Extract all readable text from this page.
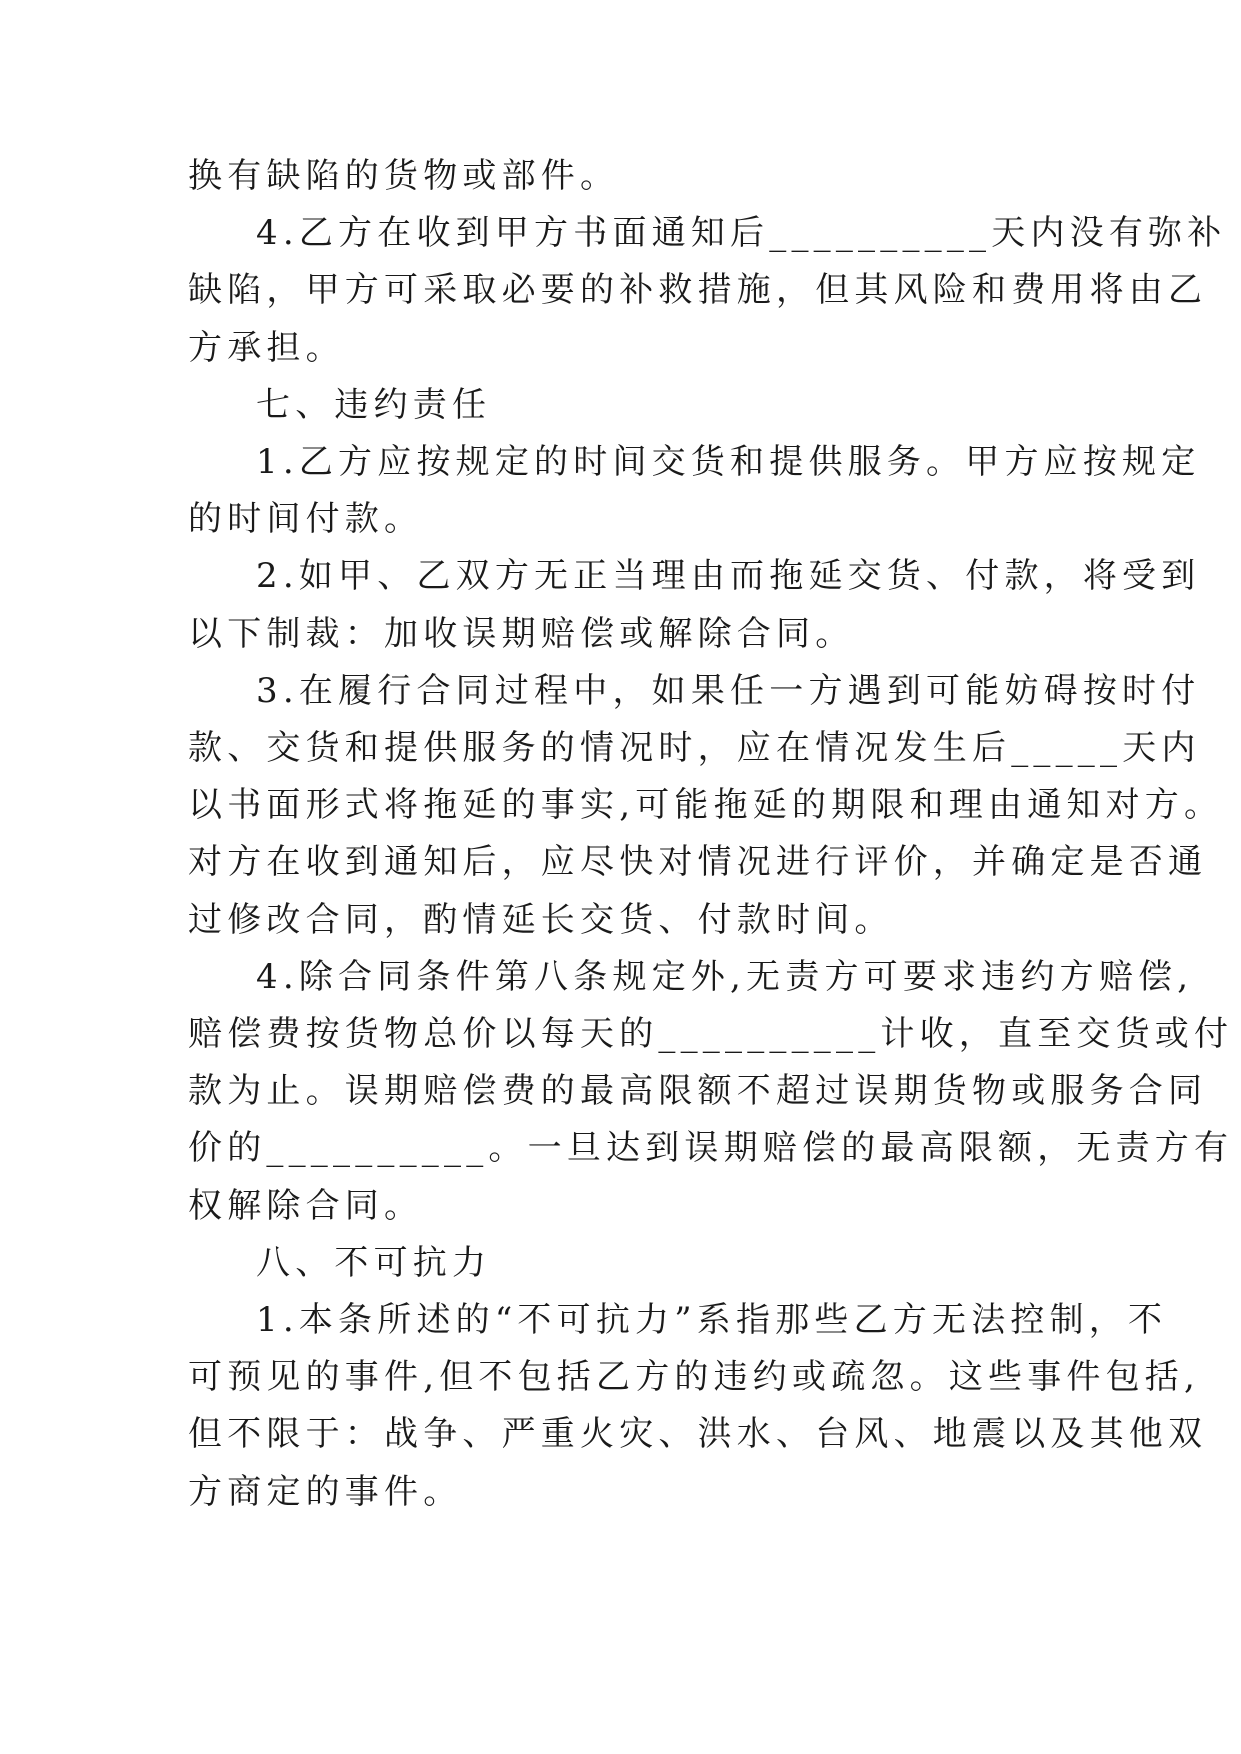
换有缺陷的货物或部件。
4.乙方在收到甲方书面通知后__________天内没有弥补
缺陷，甲方可采取必要的补救措施，但其风险和费用将由乙
方承担。
七、违约责任
1.乙方应按规定的时间交货和提供服务。甲方应按规定
的时间付款。
2.如甲、乙双方无正当理由而拖延交货、付款，将受到
以下制裁：加收误期赔偿或解除合同。
3.在履行合同过程中，如果任一方遇到可能妨碍按时付
款、交货和提供服务的情况时，应在情况发生后_____天内
以书面形式将拖延的事实,可能拖延的期限和理由通知对方。
对方在收到通知后，应尽快对情况进行评价，并确定是否通
过修改合同，酌情延长交货、付款时间。
4.除合同条件第八条规定外,无责方可要求违约方赔偿,
赔偿费按货物总价以每天的__________计收，直至交货或付
款为止。误期赔偿费的最高限额不超过误期货物或服务合同
价的__________。一旦达到误期赔偿的最高限额，无责方有
权解除合同。
八、不可抗力
1.本条所述的“不可抗力”系指那些乙方无法控制，不
可预见的事件,但不包括乙方的违约或疏忽。这些事件包括,
但不限于：战争、严重火灾、洪水、台风、地震以及其他双
方商定的事件。
